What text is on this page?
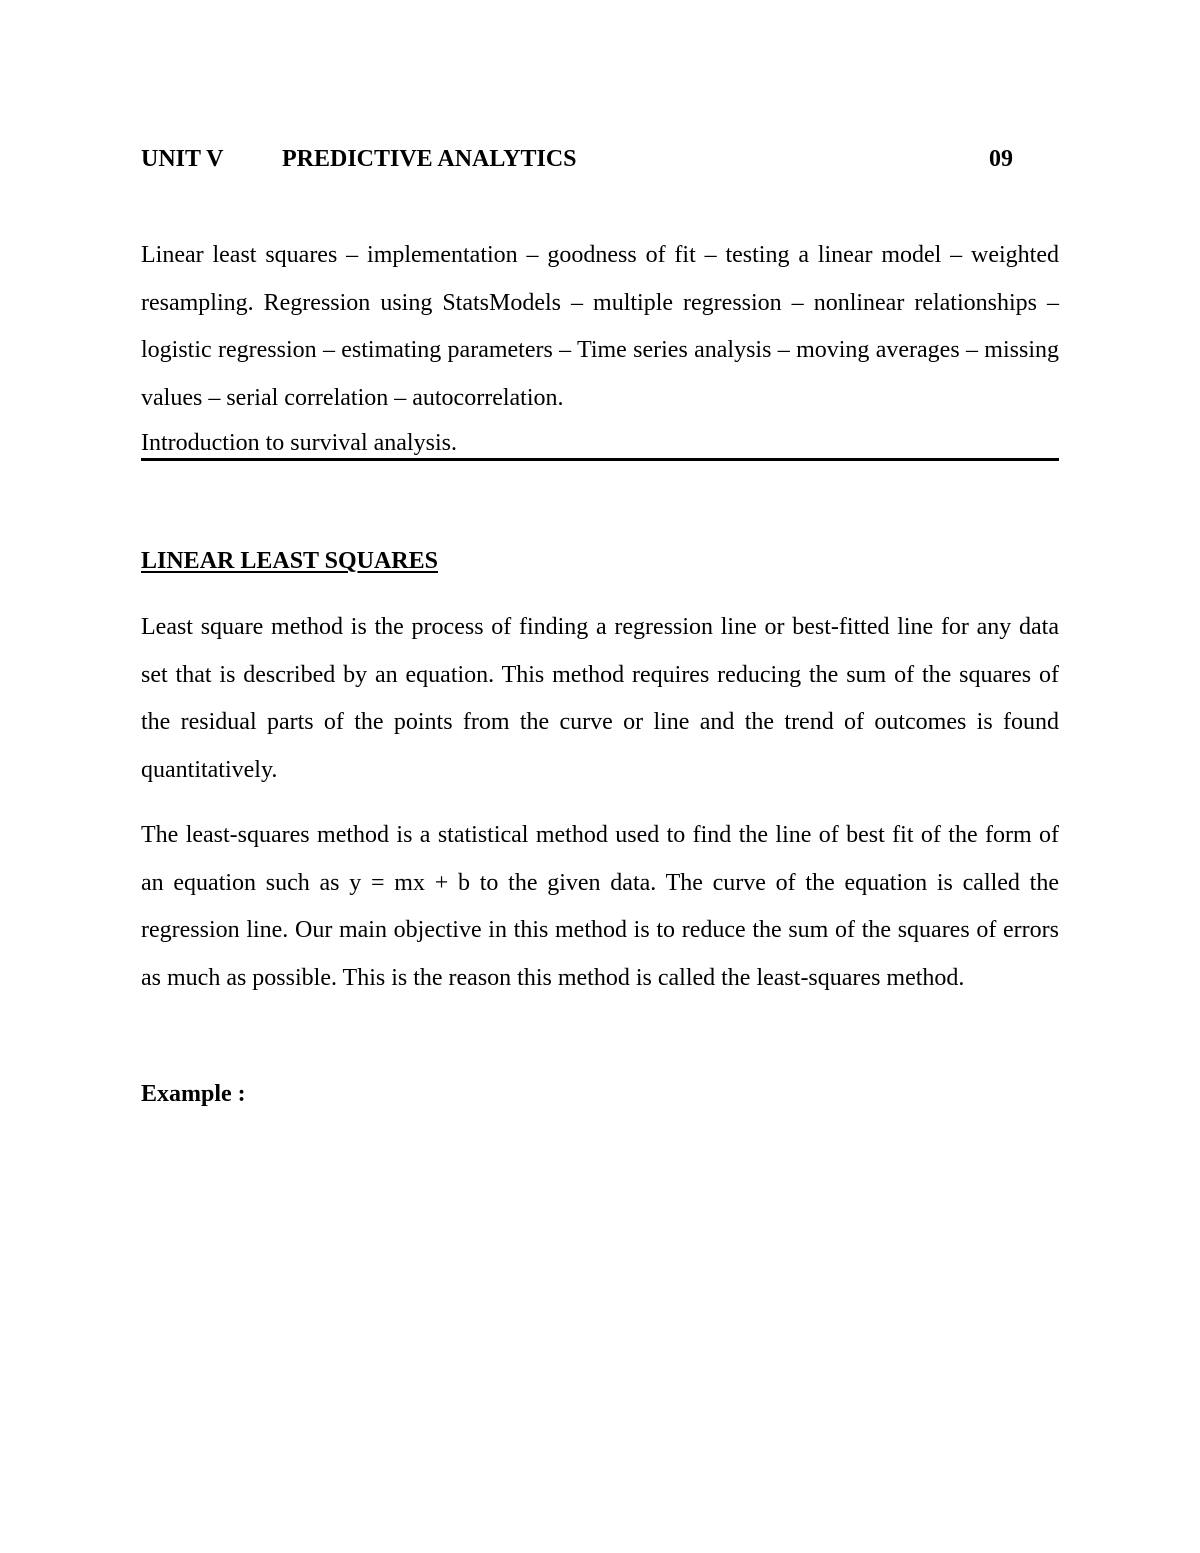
UNIT V PREDICTIVE ANALYTICS	09

Linear least squares – implementation – goodness of fit – testing a linear model – weighted resampling. Regression using StatsModels – multiple regression – nonlinear relationships – logistic regression – estimating parameters – Time series analysis – moving averages – missing values – serial correlation – autocorrelation.

Introduction to survival analysis.

LINEAR LEAST SQUARES

Least square method is the process of finding a regression line or best-fitted line for any data set that is described by an equation. This method requires reducing the sum of the squares of the residual parts of the points from the curve or line and the trend of outcomes is found quantitatively.

The least-squares method is a statistical method used to find the line of best fit of the form of an equation such as y = mx + b to the given data. The curve of the equation is called the regression line. Our main objective in this method is to reduce the sum of the squares of errors as much as possible. This is the reason this method is called the least-squares method.

Example :
